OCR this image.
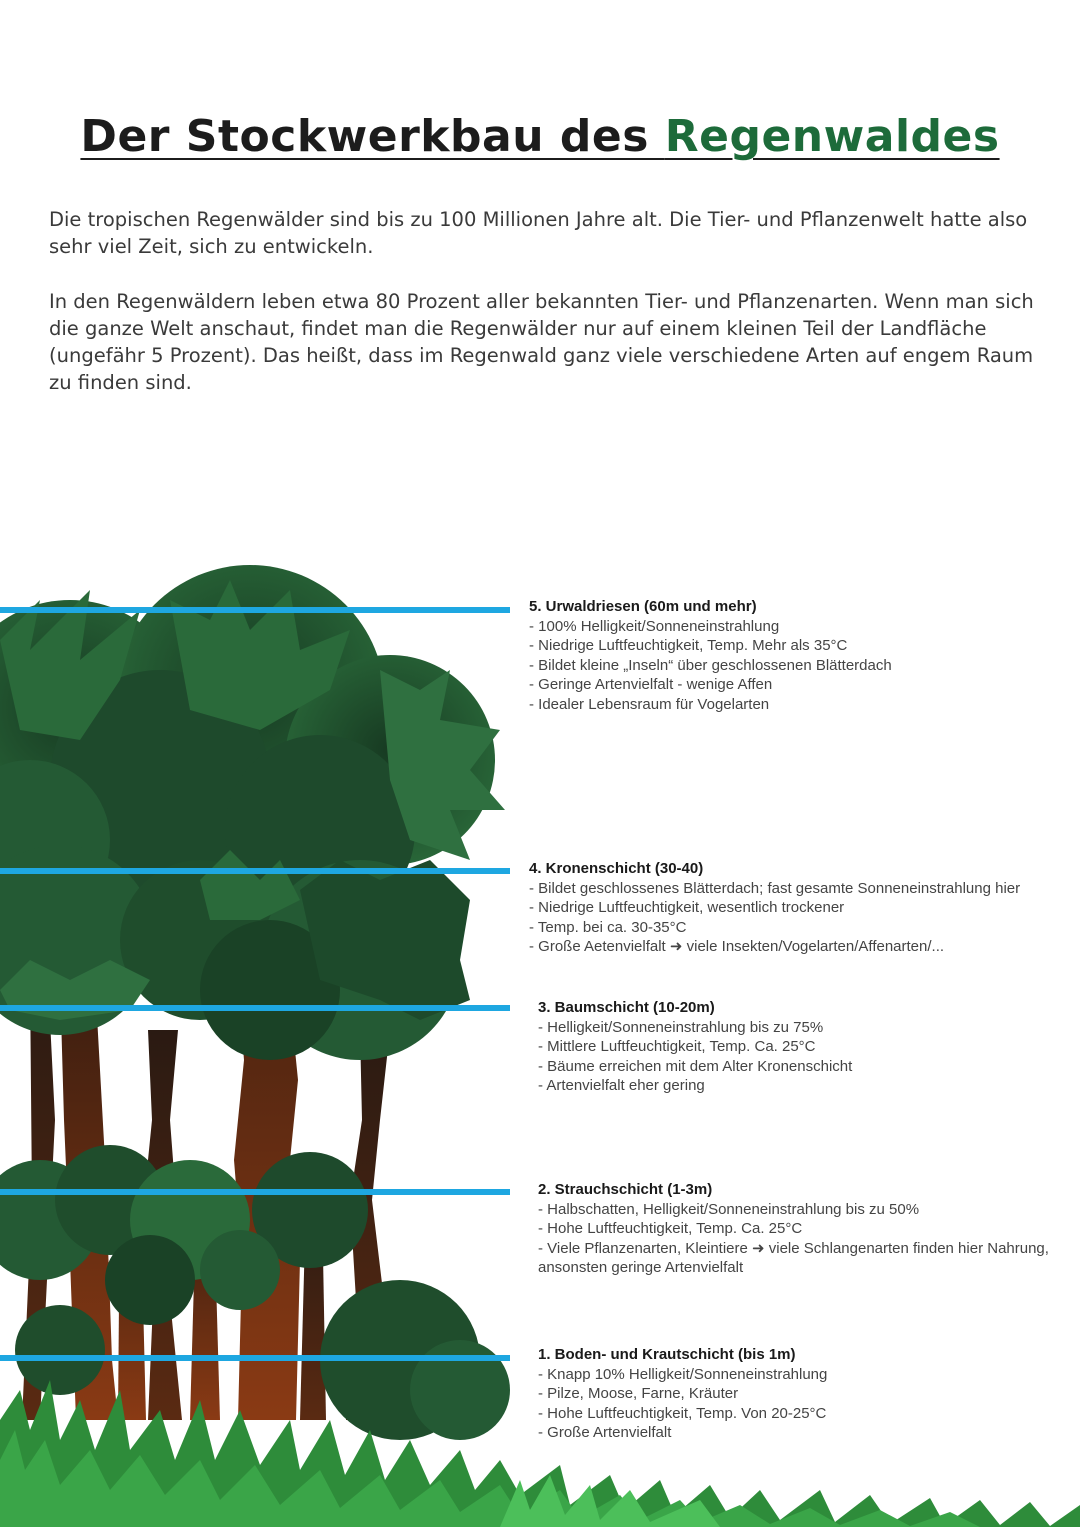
Der Stockwerkbau des Regenwaldes

Die tropischen Regenwälder sind bis zu 100 Millionen Jahre alt. Die Tier- und Pflanzenwelt hatte also sehr viel Zeit, sich zu entwickeln.

In den Regenwäldern leben etwa 80 Prozent aller bekannten Tier- und Pflanzenarten. Wenn man sich die ganze Welt anschaut, findet man die Regenwälder nur auf einem kleinen Teil der Landfläche (ungefähr 5 Prozent). Das heißt, dass im Regenwald ganz viele verschiedene Arten auf engem Raum zu finden sind.

5. Urwaldriesen (60m und mehr)
- 100% Helligkeit/Sonneneinstrahlung
- Niedrige Luftfeuchtigkeit, Temp. Mehr als 35°C
- Bildet kleine „Inseln“ über geschlossenen Blätterdach
- Geringe Artenvielfalt - wenige Affen
- Idealer Lebensraum für Vogelarten
4. Kronenschicht (30-40)
- Bildet geschlossenes Blätterdach; fast gesamte Sonneneinstrahlung hier
- Niedrige Luftfeuchtigkeit, wesentlich trockener
- Temp. bei ca. 30-35°C
- Große Aetenvielfalt ➜ viele Insekten/Vogelarten/Affenarten/...
3. Baumschicht (10-20m)
- Helligkeit/Sonneneinstrahlung bis zu 75%
- Mittlere Luftfeuchtigkeit, Temp. Ca. 25°C
- Bäume erreichen mit dem Alter Kronenschicht
- Artenvielfalt eher gering
2. Strauchschicht (1-3m)
- Halbschatten, Helligkeit/Sonneneinstrahlung bis zu 50%
- Hohe Luftfeuchtigkeit, Temp. Ca. 25°C
- Viele Pflanzenarten, Kleintiere ➜ viele Schlangenarten finden hier Nahrung,
ansonsten geringe Artenvielfalt
1. Boden- und Krautschicht (bis 1m)
- Knapp 10% Helligkeit/Sonneneinstrahlung
- Pilze, Moose, Farne, Kräuter
- Hohe Luftfeuchtigkeit, Temp. Von 20-25°C
- Große Artenvielfalt
